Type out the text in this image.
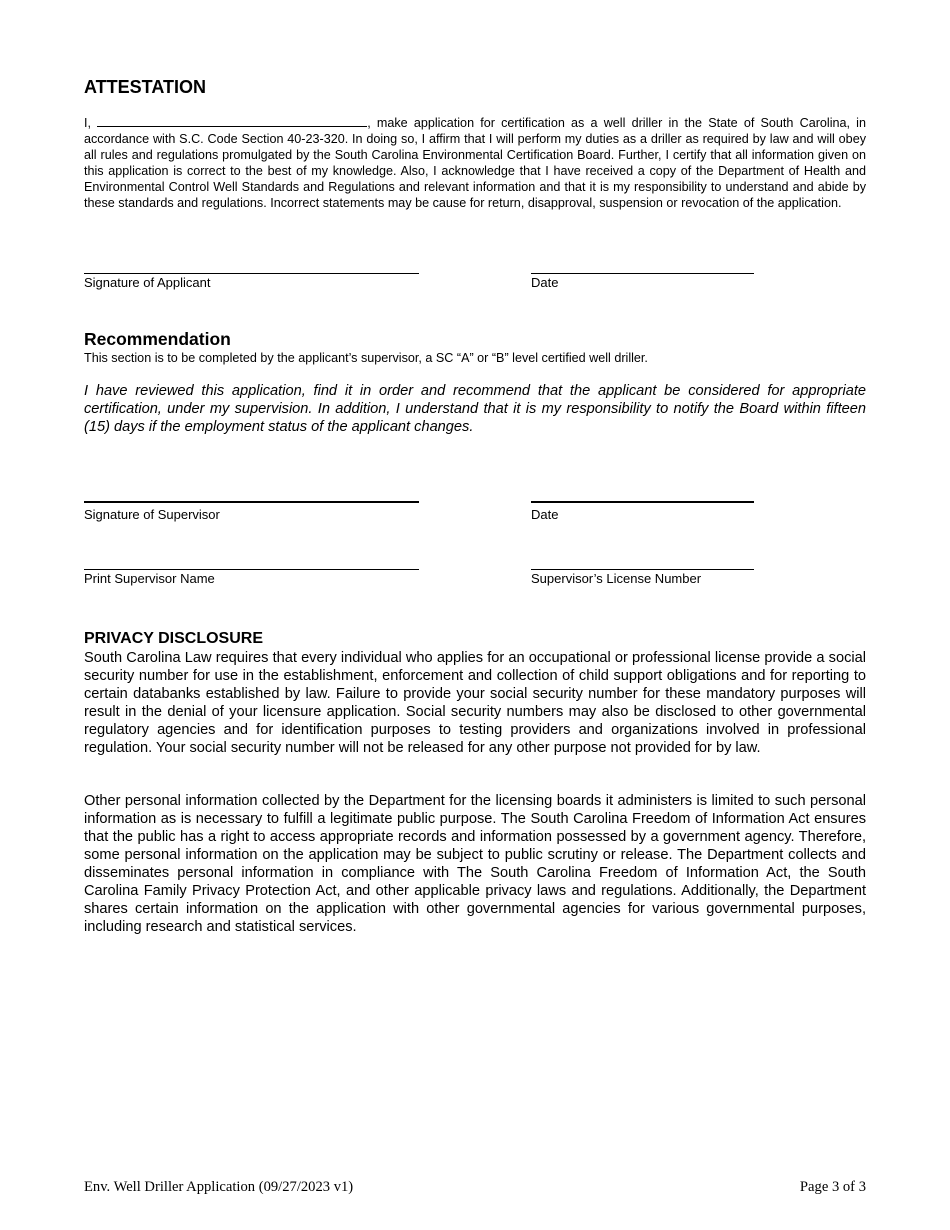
ATTESTATION
I,	, make application for certification as a well driller in the State of South Carolina, in accordance with S.C. Code Section 40-23-320. In doing so, I affirm that I will perform my duties as a driller as required by law and will obey all rules and regulations promulgated by the South Carolina Environmental Certification Board. Further, I certify that all information given on this application is correct to the best of my knowledge. Also, I acknowledge that I have received a copy of the Department of Health and Environmental Control Well Standards and Regulations and relevant information and that it is my responsibility to understand and abide by these standards and regulations. Incorrect statements may be cause for return, disapproval, suspension or revocation of the application.
Signature of Applicant	Date
Recommendation
This section is to be completed by the applicant’s supervisor, a SC “A” or “B” level certified well driller.
I have reviewed this application, find it in order and recommend that the applicant be considered for appropriate certification, under my supervision. In addition, I understand that it is my responsibility to notify the Board within fifteen (15) days if the employment status of the applicant changes.
Signature of Supervisor	Date
Print Supervisor Name	Supervisor’s License Number
PRIVACY DISCLOSURE
South Carolina Law requires that every individual who applies for an occupational or professional license provide a social security number for use in the establishment, enforcement and collection of child support obligations and for reporting to certain databanks established by law. Failure to provide your social security number for these mandatory purposes will result in the denial of your licensure application. Social security numbers may also be disclosed to other governmental regulatory agencies and for identification purposes to testing providers and organizations involved in professional regulation. Your social security number will not be released for any other purpose not provided for by law.
Other personal information collected by the Department for the licensing boards it administers is limited to such personal information as is necessary to fulfill a legitimate public purpose. The South Carolina Freedom of Information Act ensures that the public has a right to access appropriate records and information possessed by a government agency. Therefore, some personal information on the application may be subject to public scrutiny or release. The Department collects and disseminates personal information in compliance with The South Carolina Freedom of Information Act, the South Carolina Family Privacy Protection Act, and other applicable privacy laws and regulations. Additionally, the Department shares certain information on the application with other governmental agencies for various governmental purposes, including research and statistical services.
Env. Well Driller Application (09/27/2023 v1)	Page 3 of 3
